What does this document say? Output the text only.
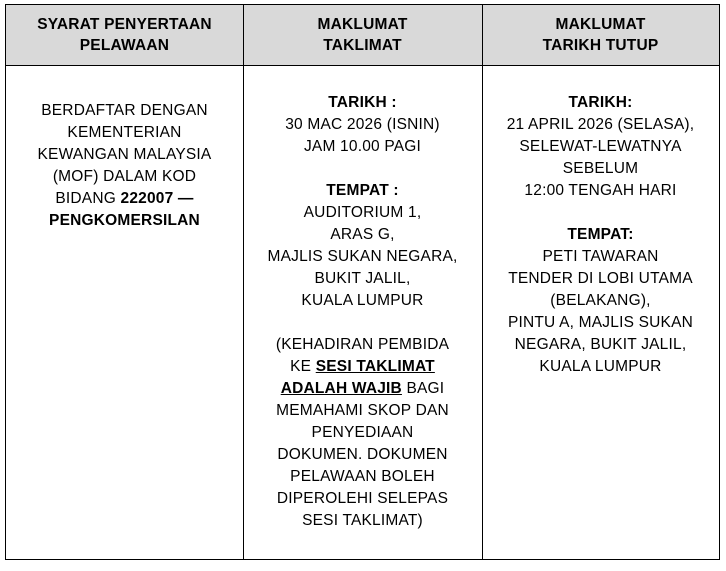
SYARAT PENYERTAAN
PELAWAAN
MAKLUMAT
TAKLIMAT
MAKLUMAT
TARIKH TUTUP
BERDAFTAR DENGAN
KEMENTERIAN
KEWANGAN MALAYSIA
(MOF) DALAM KOD
BIDANG 222007 —
PENGKOMERSILAN
TARIKH :
30 MAC 2026 (ISNIN)
JAM 10.00 PAGI
TEMPAT :
AUDITORIUM 1,
ARAS G,
MAJLIS SUKAN NEGARA,
BUKIT JALIL,
KUALA LUMPUR
(KEHADIRAN PEMBIDA
KE SESI TAKLIMAT
ADALAH WAJIB BAGI
MEMAHAMI SKOP DAN
PENYEDIAAN
DOKUMEN. DOKUMEN
PELAWAAN BOLEH
DIPEROLEHI SELEPAS
SESI TAKLIMAT)
TARIKH:
21 APRIL 2026 (SELASA),
SELEWAT-LEWATNYA
SEBELUM
12:00 TENGAH HARI
TEMPAT:
PETI TAWARAN
TENDER DI LOBI UTAMA
(BELAKANG),
PINTU A, MAJLIS SUKAN
NEGARA, BUKIT JALIL,
KUALA LUMPUR
